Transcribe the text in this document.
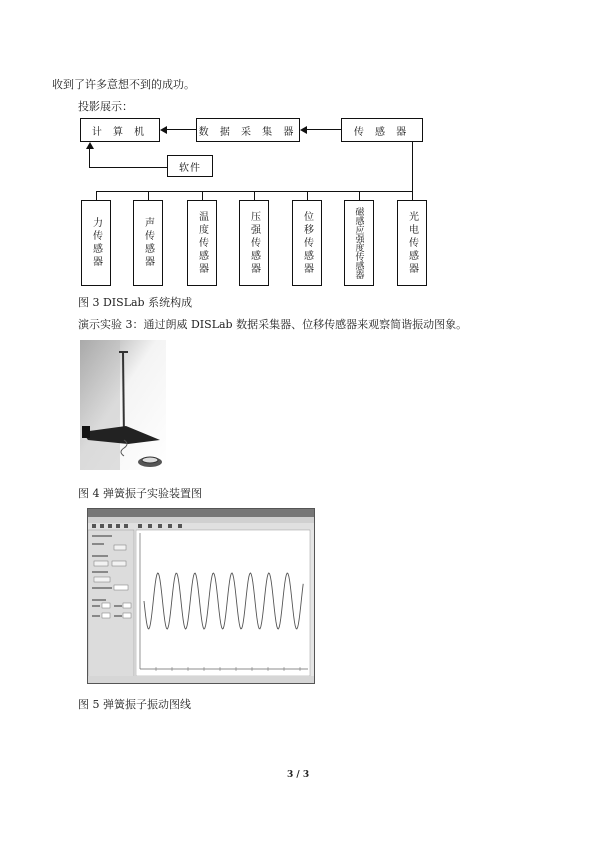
收到了许多意想不到的成功。
投影展示：
计 算 机	数 据 采 集 器	传 感 器
软件
力传感器	声传感器	温度传感器	压强传感器	位移传感器	磁感应强度传感器	光电传感器
图 3 DISLab 系统构成
演示实验 3：通过朗威 DISLab 数据采集器、位移传感器来观察简谐振动图象。
图 4 弹簧振子实验装置图
图 5 弹簧振子振动图线
3 / 3
